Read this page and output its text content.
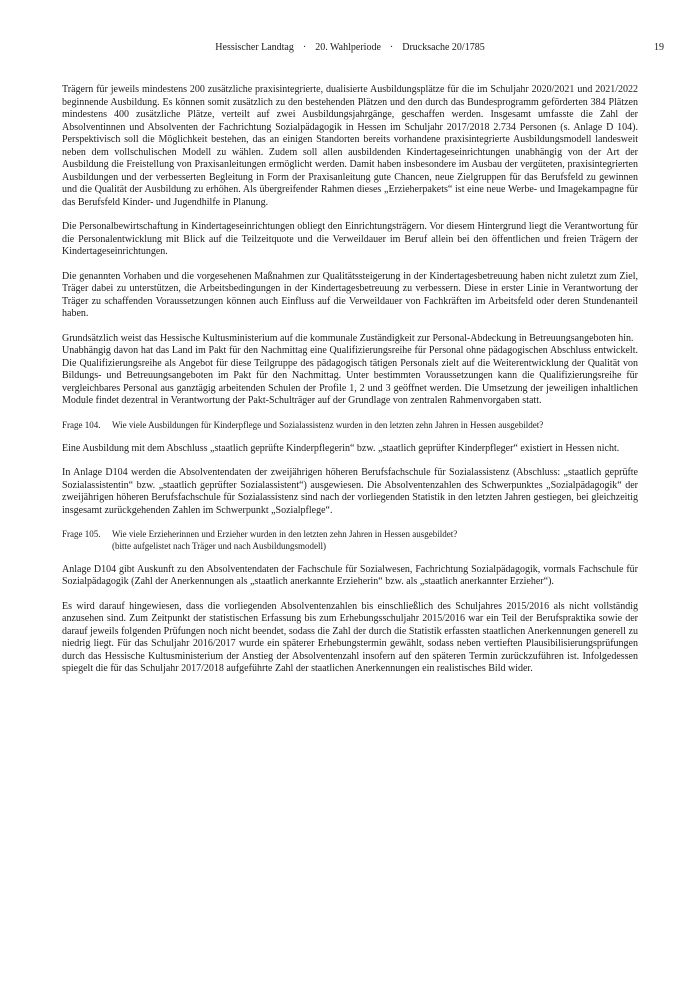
Hessischer Landtag · 20. Wahlperiode · Drucksache 20/1785	19

Trägern für jeweils mindestens 200 zusätzliche praxisintegrierte, dualisierte Ausbildungsplätze für die im Schuljahr 2020/2021 und 2021/2022 beginnende Ausbildung. Es können somit zusätzlich zu den bestehenden Plätzen und den durch das Bundesprogramm geförderten 384 Plätzen mindestens 400 zusätzliche Plätze, verteilt auf zwei Ausbildungsjahrgänge, geschaffen werden. Insgesamt umfasste die Zahl der Absolventinnen und Absolventen der Fachrichtung Sozialpädagogik in Hessen im Schuljahr 2017/2018 2.734 Personen (s. Anlage D 104). Perspektivisch soll die Möglichkeit bestehen, das an einigen Standorten bereits vorhandene praxisintegrierte Ausbildungsmodell landesweit neben dem vollschulischen Modell zu wählen. Zudem soll allen ausbildenden Kindertageseinrichtungen unabhängig von der Art der Ausbildung die Freistellung von Praxisanleitungen ermöglicht werden. Damit haben insbesondere im Ausbau der vergüteten, praxisintegrierten Ausbildungen und der verbesserten Begleitung in Form der Praxisanleitung gute Chancen, neue Zielgruppen für das Berufsfeld zu gewinnen und die Qualität der Ausbildung zu erhöhen. Als übergreifender Rahmen dieses „Erzieherpakets“ ist eine neue Werbe- und Imagekampagne für das Berufsfeld Kinder- und Jugendhilfe in Planung.

Die Personalbewirtschaftung in Kindertageseinrichtungen obliegt den Einrichtungsträgern. Vor diesem Hintergrund liegt die Verantwortung für die Personalentwicklung mit Blick auf die Teilzeitquote und die Verweildauer im Beruf allein bei den öffentlichen und freien Trägern der Kindertageseinrichtungen.

Die genannten Vorhaben und die vorgesehenen Maßnahmen zur Qualitätssteigerung in der Kindertagesbetreuung haben nicht zuletzt zum Ziel, Träger dabei zu unterstützen, die Arbeitsbedingungen in der Kindertagesbetreuung zu verbessern. Diese in erster Linie in Verantwortung der Träger zu schaffenden Voraussetzungen können auch Einfluss auf die Verweildauer von Fachkräften im Arbeitsfeld oder deren Stundenanteil haben.

Grundsätzlich weist das Hessische Kultusministerium auf die kommunale Zuständigkeit zur Personal-Abdeckung in Betreuungsangeboten hin.

Unabhängig davon hat das Land im Pakt für den Nachmittag eine Qualifizierungsreihe für Personal ohne pädagogischen Abschluss entwickelt. Die Qualifizierungsreihe als Angebot für diese Teilgruppe des pädagogisch tätigen Personals zielt auf die Weiterentwicklung der Qualität von Bildungs- und Betreuungsangeboten im Pakt für den Nachmittag. Unter bestimmten Voraussetzungen kann die Qualifizierungsreihe für vergleichbares Personal aus ganztägig arbeitenden Schulen der Profile 1, 2 und 3 geöffnet werden. Die Umsetzung der jeweiligen inhaltlichen Module findet dezentral in Verantwortung der Pakt-Schulträger auf der Grundlage von zentralen Rahmenvorgaben statt.

Frage 104.	Wie viele Ausbildungen für Kinderpflege und Sozialassistenz wurden in den letzten zehn Jahren in Hessen ausgebildet?

Eine Ausbildung mit dem Abschluss „staatlich geprüfte Kinderpflegerin“ bzw. „staatlich geprüfter Kinderpfleger“ existiert in Hessen nicht.

In Anlage D104 werden die Absolventendaten der zweijährigen höheren Berufsfachschule für Sozialassistenz (Abschluss: „staatlich geprüfte Sozialassistentin“ bzw. „staatlich geprüfter Sozialassistent“) ausgewiesen. Die Absolventenzahlen des Schwerpunktes „Sozialpädagogik“ der zweijährigen höheren Berufsfachschule für Sozialassistenz sind nach der vorliegenden Statistik in den letzten Jahren gestiegen, bei gleichzeitig insgesamt zurückgehenden Zahlen im Schwerpunkt „Sozialpflege“.

Frage 105.	Wie viele Erzieherinnen und Erzieher wurden in den letzten zehn Jahren in Hessen ausgebildet?
(bitte aufgelistet nach Träger und nach Ausbildungsmodell)

Anlage D104 gibt Auskunft zu den Absolventendaten der Fachschule für Sozialwesen, Fachrichtung Sozialpädagogik, vormals Fachschule für Sozialpädagogik (Zahl der Anerkennungen als „staatlich anerkannte Erzieherin“ bzw. als „staatlich anerkannter Erzieher“).

Es wird darauf hingewiesen, dass die vorliegenden Absolventenzahlen bis einschließlich des Schuljahres 2015/2016 als nicht vollständig anzusehen sind. Zum Zeitpunkt der statistischen Erfassung bis zum Erhebungsschuljahr 2015/2016 war ein Teil der Berufspraktika sowie der darauf jeweils folgenden Prüfungen noch nicht beendet, sodass die Zahl der durch die Statistik erfassten staatlichen Anerkennungen generell zu niedrig liegt. Für das Schuljahr 2016/2017 wurde ein späterer Erhebungstermin gewählt, sodass neben vertieften Plausibilisierungsprüfungen durch das Hessische Kultusministerium der Anstieg der Absolventenzahl insofern auf den späteren Termin zurückzuführen ist. Infolgedessen spiegelt die für das Schuljahr 2017/2018 aufgeführte Zahl der staatlichen Anerkennungen ein realistisches Bild wider.
